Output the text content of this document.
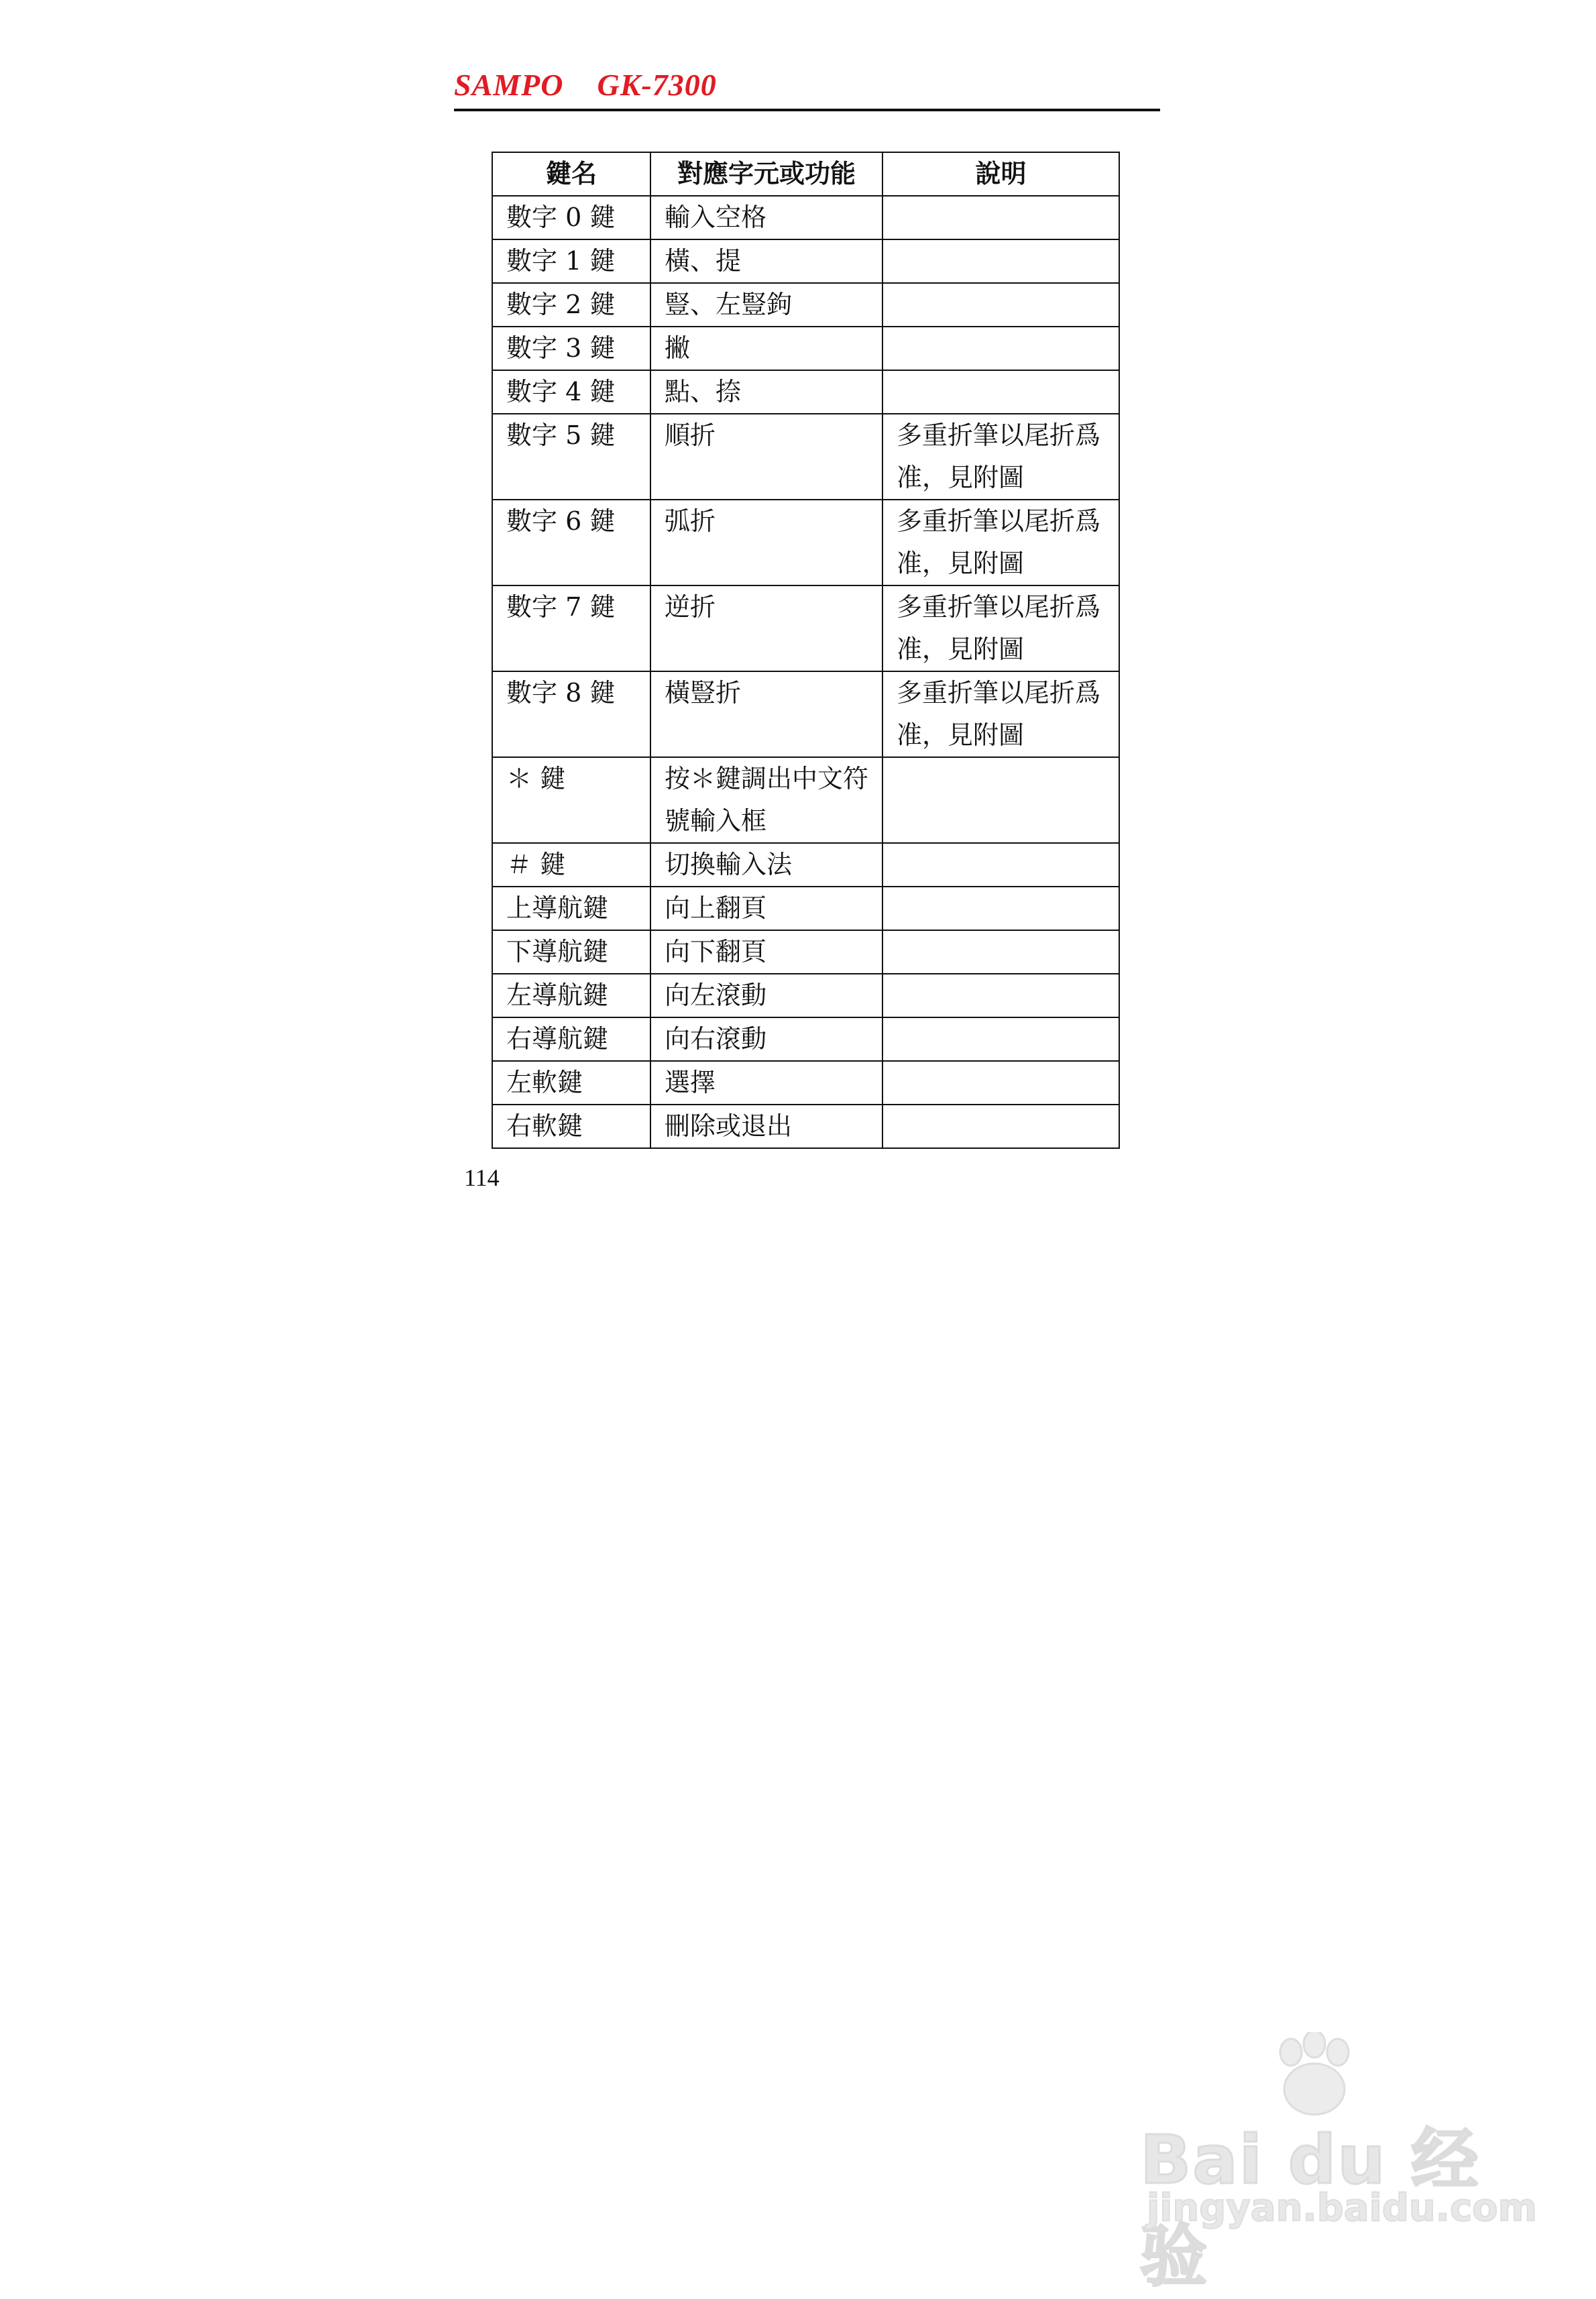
SAMPO GK-7300
鍵名	對應字元或功能	說明
數字 0 鍵	輸入空格	
數字 1 鍵	橫、提	
數字 2 鍵	豎、左豎鉤	
數字 3 鍵	撇	
數字 4 鍵	點、捺	
數字 5 鍵	順折	多重折筆以尾折爲准，見附圖
數字 6 鍵	弧折	多重折筆以尾折爲准，見附圖
數字 7 鍵	逆折	多重折筆以尾折爲准，見附圖
數字 8 鍵	橫豎折	多重折筆以尾折爲准，見附圖
＊ 鍵	按＊鍵調出中文符號輸入框	
＃ 鍵	切換輸入法	
上導航鍵	向上翻頁	
下導航鍵	向下翻頁	
左導航鍵	向左滾動	
右導航鍵	向右滾動	
左軟鍵	選擇	
右軟鍵	刪除或退出	
114
Bai du 经验
jingyan.baidu.com
